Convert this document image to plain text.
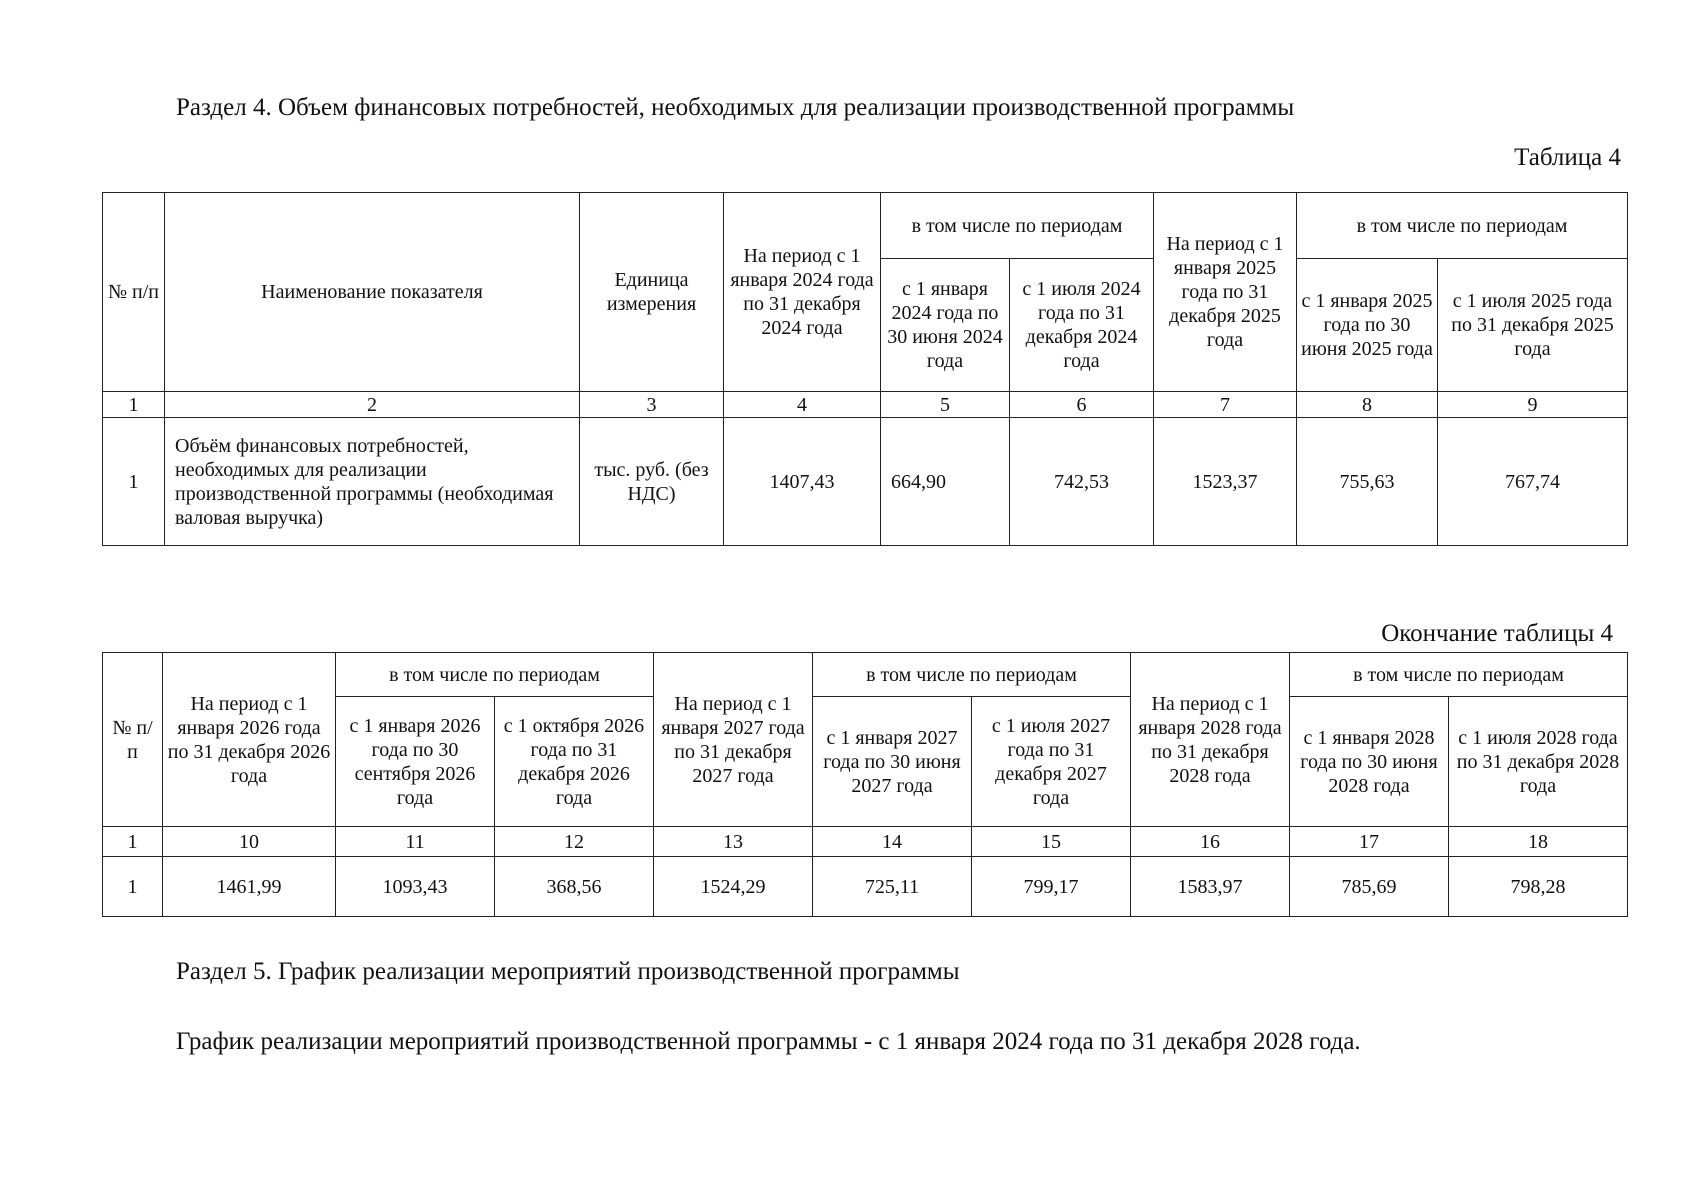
Раздел 4. Объем финансовых потребностей, необходимых для реализации производственной программы
Таблица 4
№ п/п	Наименование показателя	Единица измерения	На период с 1 января 2024 года по 31 декабря 2024 года	в том числе по периодам		На период с 1 января 2025 года по 31 декабря 2025 года	в том числе по периодам	
				с 1 января 2024 года по 30 июня 2024 года	с 1 июля 2024 года по 31 декабря 2024 года		с 1 января 2025 года по 30 июня 2025 года	с 1 июля 2025 года по 31 декабря 2025 года
1	2	3	4	5	6	7	8	9
1	Объём финансовых потребностей, необходимых для реализации производственной программы (необходимая валовая выручка)	тыс. руб. (без НДС)	1407,43	664,90	742,53	1523,37	755,63	767,74
Окончание таблицы 4
№ п/п	На период с 1 января 2026 года по 31 декабря 2026 года	в том числе по периодам		На период с 1 января 2027 года по 31 декабря 2027 года	в том числе по периодам		На период с 1 января 2028 года по 31 декабря 2028 года	в том числе по периодам	
		с 1 января 2026 года по 30 сентября 2026 года	с 1 октября 2026 года по 31 декабря 2026 года		с 1 января 2027 года по 30 июня 2027 года	с 1 июля 2027 года по 31 декабря 2027 года		с 1 января 2028 года по 30 июня 2028 года	с 1 июля 2028 года по 31 декабря 2028 года
1	10	11	12	13	14	15	16	17	18
1	1461,99	1093,43	368,56	1524,29	725,11	799,17	1583,97	785,69	798,28
Раздел 5. График реализации мероприятий производственной программы

График реализации мероприятий производственной программы - с 1 января 2024 года по 31 декабря 2028 года.
